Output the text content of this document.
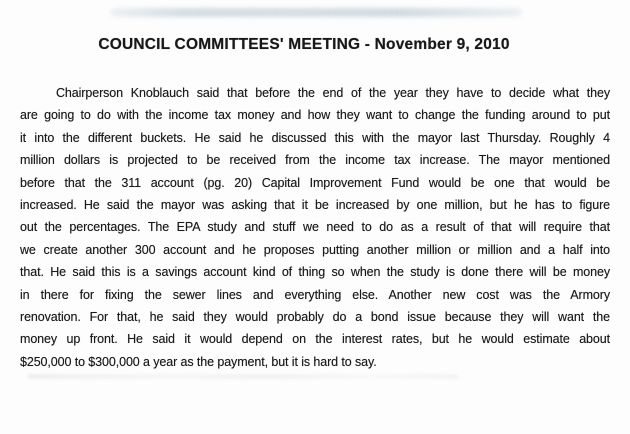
COUNCIL COMMITTEES' MEETING - November 9, 2010
Chairperson Knoblauch said that before the end of the year they have to decide what they
are going to do with the income tax money and how they want to change the funding around to put
it into the different buckets. He said he discussed this with the mayor last Thursday. Roughly 4
million dollars is projected to be received from the income tax increase. The mayor mentioned
before that the 311 account (pg. 20) Capital Improvement Fund would be one that would be
increased. He said the mayor was asking that it be increased by one million, but he has to figure
out the percentages. The EPA study and stuff we need to do as a result of that will require that
we create another 300 account and he proposes putting another million or million and a half into
that. He said this is a savings account kind of thing so when the study is done there will be money
in there for fixing the sewer lines and everything else. Another new cost was the Armory
renovation. For that, he said they would probably do a bond issue because they will want the
money up front. He said it would depend on the interest rates, but he would estimate about
$250,000 to $300,000 a year as the payment, but it is hard to say.
